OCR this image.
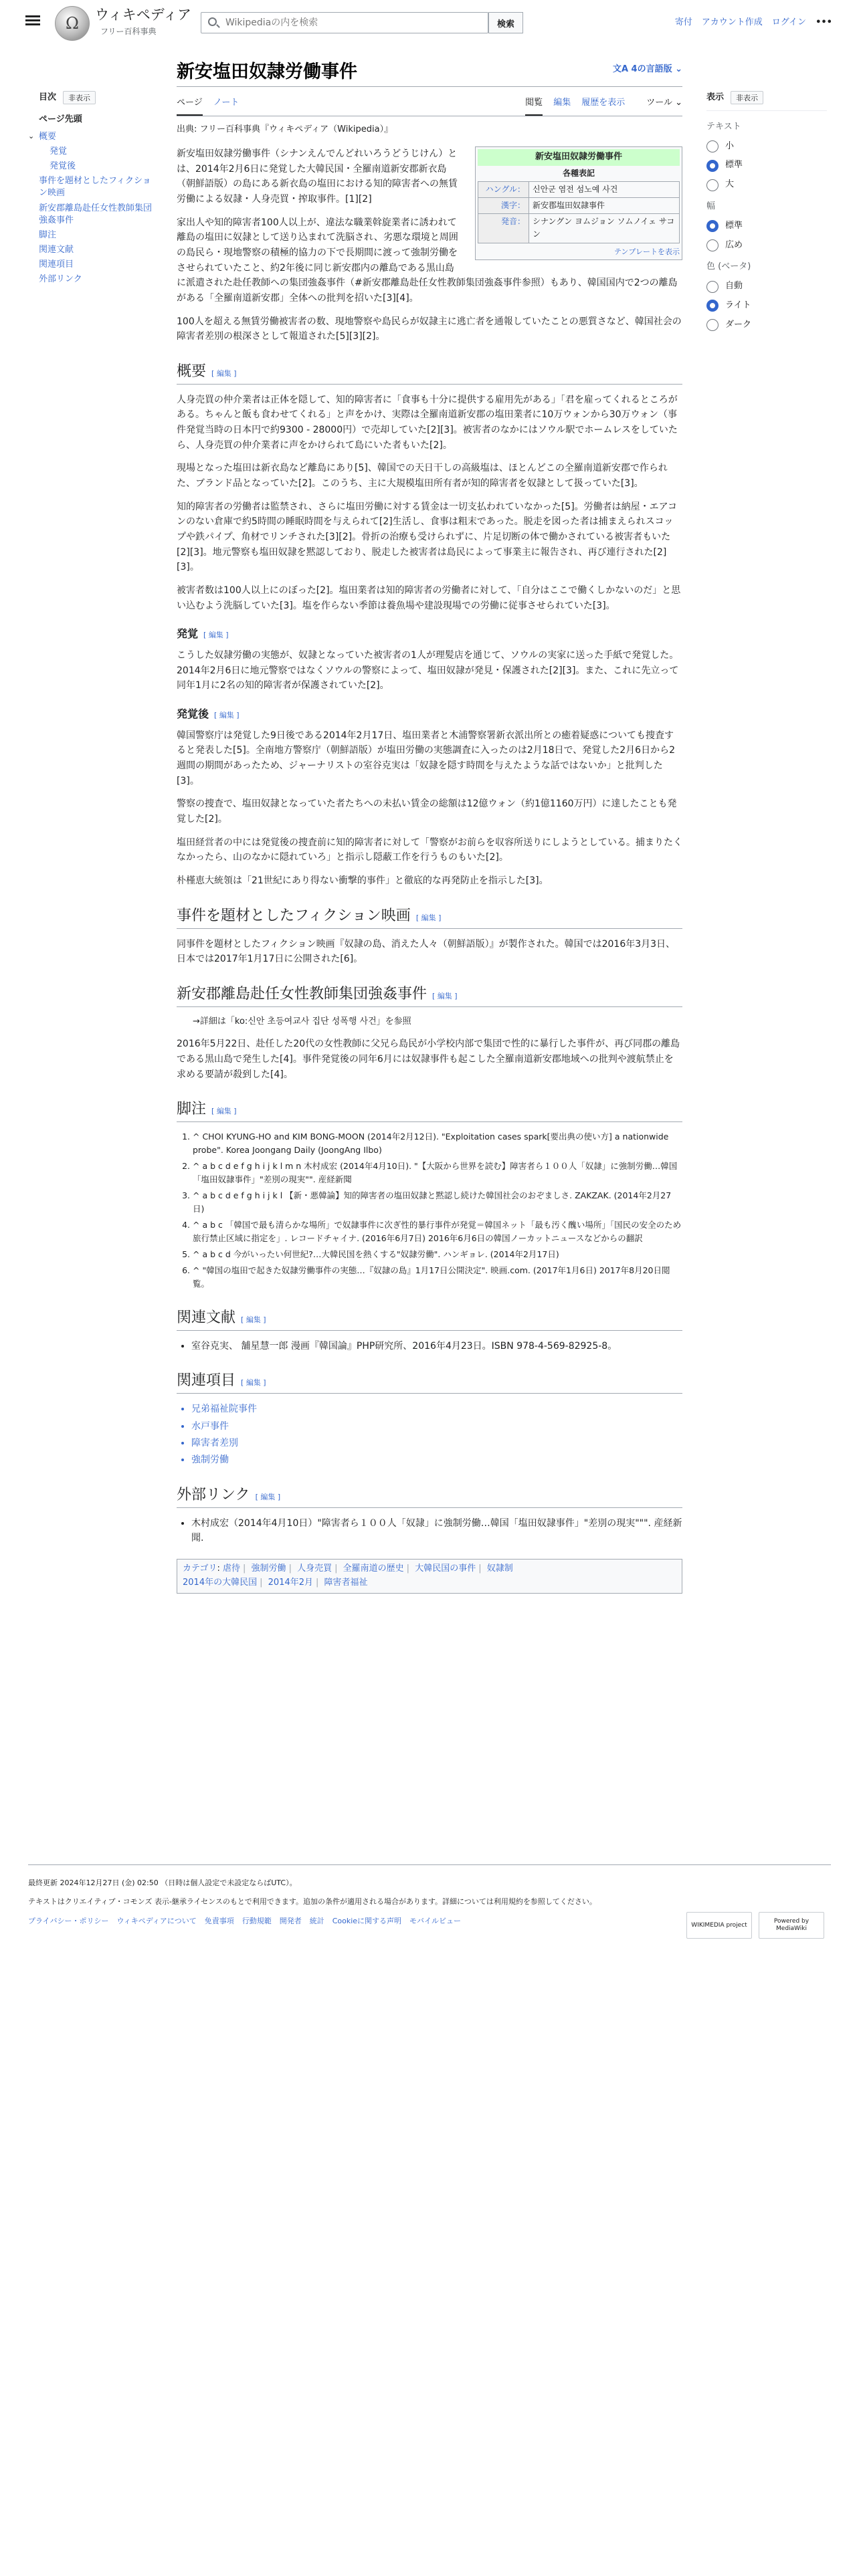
Ω	ウィキペディア
フリー百科事典
Wikipediaの内を検索
検索	寄付 アカウント作成 ログイン •••
目次	非表示
ページ先頭
⌄ 概要
発覚
発覚後
事件を題材としたフィクション映画
新安郡離島赴任女性教師集団強姦事件
脚注
関連文献
関連項目
外部リンク
表示	非表示
テキスト
小
標準
大
幅
標準
広め
色 (ベータ)
自動
ライト
ダーク
新安塩田奴隷労働事件	文A 4の言語版 ⌄
ページ ノート	閲覧 編集 履歴を表示 ツール ⌄
出典: フリー百科事典『ウィキペディア（Wikipedia）』
新安塩田奴隷労働事件
各種表記
ハングル：	신안군 염전 섬노예 사건
漢字：	新安郡塩田奴隷事件
発音：	シナングン ヨムジョン ソムノイェ サコン
テンプレートを表示

新安塩田奴隷労働事件（シナンえんでんどれいろうどうじけん）とは、2014年2月6日に発覚した大韓民国・全羅南道新安郡新衣島（朝鮮語版）の島にある新衣島の塩田における知的障害者への無賃労働による奴隷・人身売買・搾取事件。[1][2]

家出人や知的障害者100人以上が、違法な職業斡旋業者に誘われて離島の塩田に奴隷として送り込まれて洗脳され、劣悪な環境と周囲の島民ら・現地警察の積極的協力の下で長期間に渡って強制労働をさせられていたこと、約2年後に同じ新安郡内の離島である黒山島に派遣された赴任教師への集団強姦事件（#新安郡離島赴任女性教師集団強姦事件参照）もあり、韓国国内で2つの離島がある「全羅南道新安郡」全体への批判を招いた[3][4]。

100人を超える無賃労働被害者の数、現地警察や島民らが奴隷主に逃亡者を通報していたことの悪質さなど、韓国社会の障害者差別の根深さとして報道された[5][3][2]。

概要 [ 編集 ]

人身売買の仲介業者は正体を隠して、知的障害者に「食事も十分に提供する雇用先がある」「君を雇ってくれるところがある。ちゃんと飯も食わせてくれる」と声をかけ、実際は全羅南道新安郡の塩田業者に10万ウォンから30万ウォン（事件発覚当時の日本円で約9300 - 28000円）で売却していた[2][3]。被害者のなかにはソウル駅でホームレスをしていたら、人身売買の仲介業者に声をかけられて島にいた者もいた[2]。

現場となった塩田は新衣島など離島にあり[5]、韓国での天日干しの高級塩は、ほとんどこの全羅南道新安郡で作られた、ブランド品となっていた[2]。このうち、主に大規模塩田所有者が知的障害者を奴隷として扱っていた[3]。

知的障害者の労働者は監禁され、さらに塩田労働に対する賃金は一切支払われていなかった[5]。労働者は納屋・エアコンのない倉庫で約5時間の睡眠時間を与えられて[2]生活し、食事は粗末であった。脱走を図った者は捕まえられスコップや鉄パイプ、角材でリンチされた[3][2]。骨折の治療も受けられずに、片足切断の体で働かされている被害者もいた[2][3]。地元警察も塩田奴隷を黙認しており、脱走した被害者は島民によって事業主に報告され、再び連行された[2][3]。

被害者数は100人以上にのぼった[2]。塩田業者は知的障害者の労働者に対して、「自分はここで働くしかないのだ」と思い込むよう洗脳していた[3]。塩を作らない季節は養魚場や建設現場での労働に従事させられていた[3]。

発覚 [ 編集 ]

こうした奴隷労働の実態が、奴隷となっていた被害者の1人が理髪店を通じて、ソウルの実家に送った手紙で発覚した。2014年2月6日に地元警察ではなくソウルの警察によって、塩田奴隷が発見・保護された[2][3]。また、これに先立って同年1月に2名の知的障害者が保護されていた[2]。

発覚後 [ 編集 ]

韓国警察庁は発覚した9日後である2014年2月17日、塩田業者と木浦警察署新衣派出所との癒着疑惑についても捜査すると発表した[5]。全南地方警察庁（朝鮮語版）が塩田労働の実態調査に入ったのは2月18日で、発覚した2月6日から2週間の期間があったため、ジャーナリストの室谷克実は「奴隷を隠す時間を与えたような話ではないか」と批判した[3]。

警察の捜査で、塩田奴隷となっていた者たちへの未払い賃金の総額は12億ウォン（約1億1160万円）に達したことも発覚した[2]。

塩田経営者の中には発覚後の捜査前に知的障害者に対して「警察がお前らを収容所送りにしようとしている。捕まりたくなかったら、山のなかに隠れていろ」と指示し隠蔽工作を行うものもいた[2]。

朴槿恵大統領は「21世紀にあり得ない衝撃的事件」と徹底的な再発防止を指示した[3]。

事件を題材としたフィクション映画 [ 編集 ]

同事件を題材としたフィクション映画『奴隷の島、消えた人々（朝鮮語版）』が製作された。韓国では2016年3月3日、日本では2017年1月17日に公開された[6]。

新安郡離島赴任女性教師集団強姦事件 [ 編集 ]
→詳細は「ko:신안 초등여교사 집단 성폭행 사건」を参照

2016年5月22日、赴任した20代の女性教師に父兄ら島民が小学校内部で集団で性的に暴行した事件が、再び同郡の離島である黒山島で発生した[4]。事件発覚後の同年6月には奴隷事件も起こした全羅南道新安郡地域への批判や渡航禁止を求める要請が殺到した[4]。

脚注 [ 編集 ]
1. ^ CHOI KYUNG-HO and KIM BONG-MOON (2014年2月12日). "Exploitation cases spark[要出典の使い方] a nationwide probe". Korea Joongang Daily (JoongAng Ilbo)
2. ^ a b c d e f g h i j k l m n 木村成宏 (2014年4月10日). "【大阪から世界を読む】障害者ら１００人「奴隷」に強制労働…韓国「塩田奴隷事件」"差別の現実"". 産経新聞
3. ^ a b c d e f g h i j k l 【新・悪韓論】知的障害者の塩田奴隷と黙認し続けた韓国社会のおぞましさ. ZAKZAK. (2014年2月27日)
4. ^ a b c 「韓国で最も清らかな場所」で奴隷事件に次ぎ性的暴行事件が発覚＝韓国ネット「最も汚く醜い場所」「国民の安全のため旅行禁止区域に指定を」. レコードチャイナ. (2016年6月7日) 2016年6月6日の韓国ノーカットニュースなどからの翻訳
5. ^ a b c d 今がいったい何世紀?…大韓民国を熱くする"奴隷労働". ハンギョレ. (2014年2月17日)
6. ^ "韓国の塩田で起きた奴隷労働事件の実態…『奴隷の島』1月17日公開決定". 映画.com. (2017年1月6日) 2017年8月20日閲覧。
関連文献 [ 編集 ]
• 室谷克実、 舗星慧一郎 漫画『韓国論』PHP研究所、2016年4月23日。ISBN 978-4-569-82925-8。
関連項目 [ 編集 ]
• 兄弟福祉院事件
• 水戸事件
• 障害者差別
• 強制労働
外部リンク [ 編集 ]
• 木村成宏（2014年4月10日）"障害者ら１００人「奴隷」に強制労働…韓国「塩田奴隷事件」"差別の現実""". 産経新聞.
カテゴリ: 虐待 | 強制労働 | 人身売買 | 全羅南道の歴史 | 大韓民国の事件 | 奴隷制
2014年の大韓民国 | 2014年2月 | 障害者福祉
最終更新 2024年12月27日 (金) 02:50 （日時は個人設定で未設定ならばUTC）。
テキストはクリエイティブ・コモンズ 表示-継承ライセンスのもとで利用できます。追加の条件が適用される場合があります。詳細については利用規約を参照してください。
プライバシー・ポリシー ウィキペディアについて 免責事項 行動規範 開発者 統計 Cookieに関する声明 モバイルビュー	WIKIMEDIA project
Powered by MediaWiki
